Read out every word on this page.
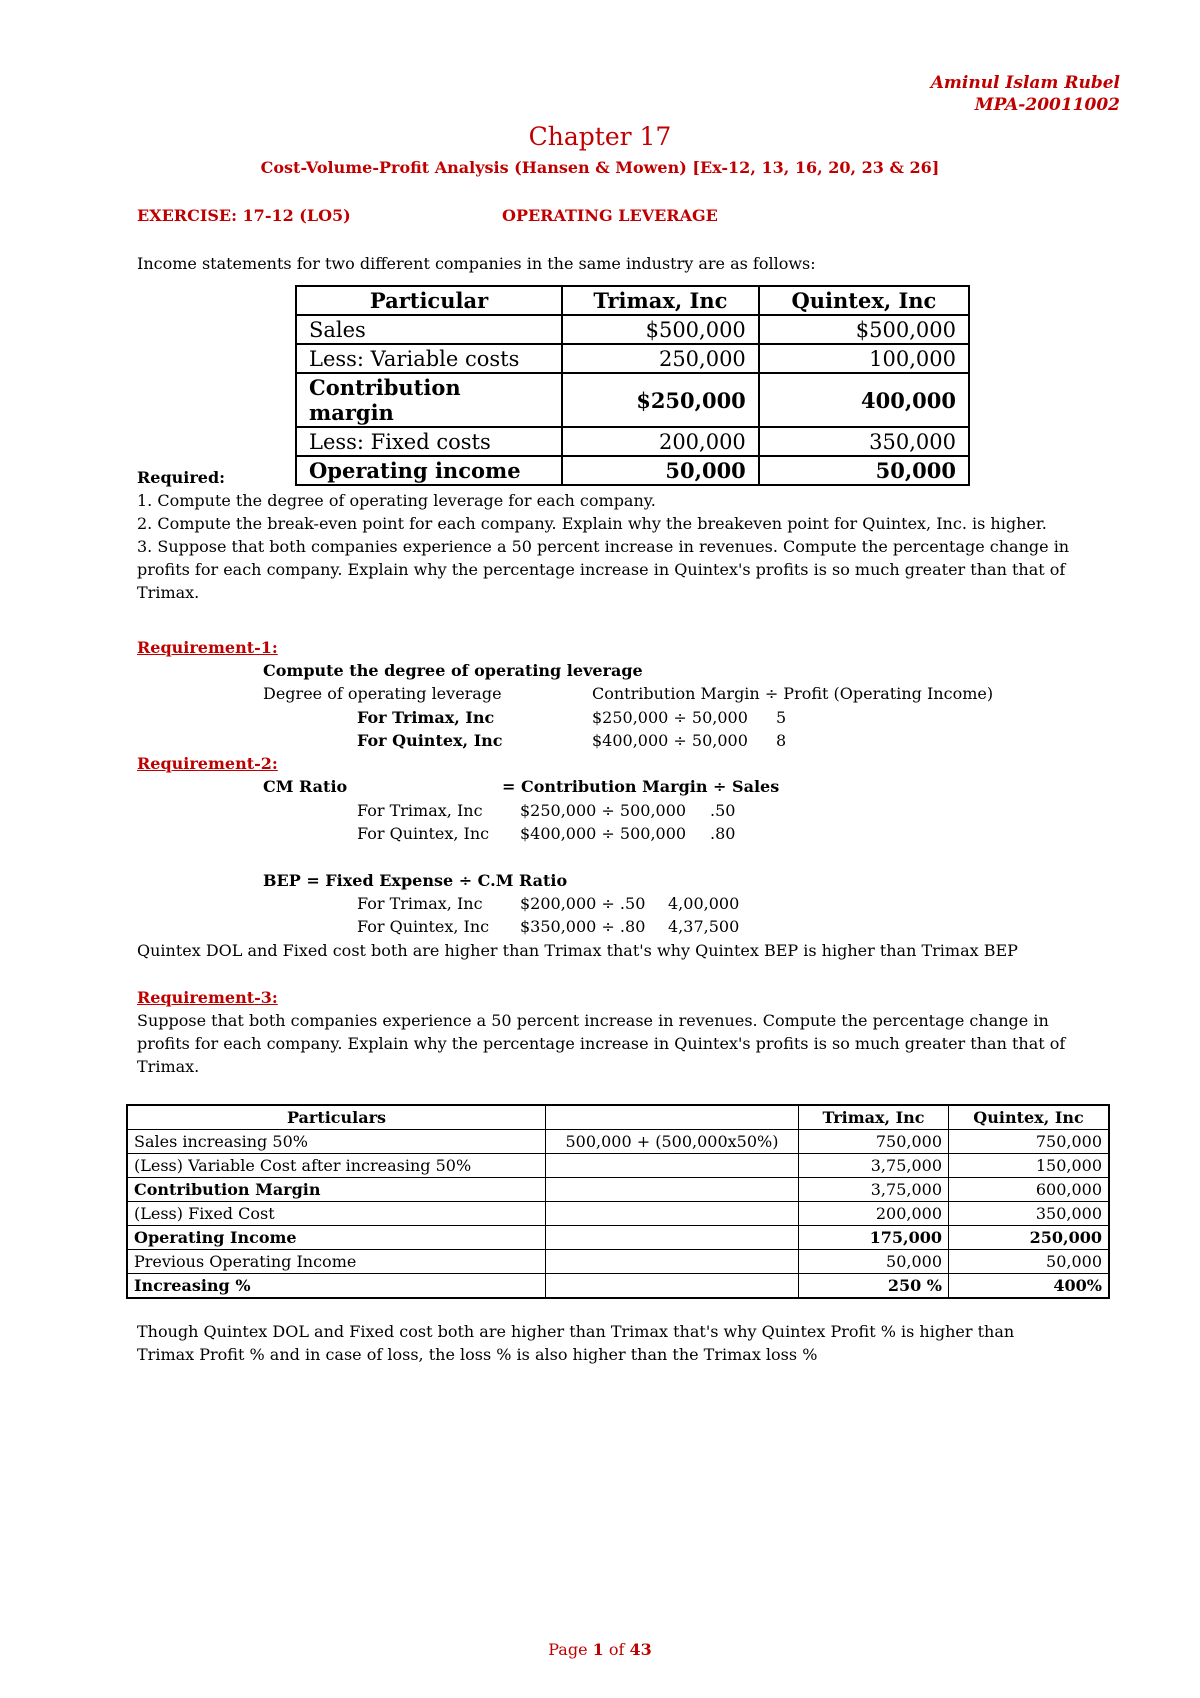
Aminul Islam Rubel
MPA-20011002
Chapter 17
Cost-Volume-Profit Analysis (Hansen & Mowen) [Ex-12, 13, 16, 20, 23 & 26]
EXERCISE: 17-12 (LO5)	OPERATING LEVERAGE
Income statements for two different companies in the same industry are as follows:
Particular	Trimax, Inc	Quintex, Inc
Sales	$500,000	$500,000
Less: Variable costs	250,000	100,000
Contribution margin	$250,000	400,000
Less: Fixed costs	200,000	350,000
Operating income	50,000	50,000
Required:
1. Compute the degree of operating leverage for each company.
2. Compute the break-even point for each company. Explain why the breakeven point for Quintex, Inc. is higher.
3. Suppose that both companies experience a 50 percent increase in revenues. Compute the percentage change in
profits for each company. Explain why the percentage increase in Quintex's profits is so much greater than that of
Trimax.
Requirement-1:
Compute the degree of operating leverage
Degree of operating leverage	Contribution Margin ÷ Profit (Operating Income)
For Trimax, Inc	$250,000 ÷ 50,000 5
For Quintex, Inc	$400,000 ÷ 50,000 8
Requirement-2:
CM Ratio	= Contribution Margin ÷ Sales
For Trimax, Inc $250,000 ÷ 500,000 .50
For Quintex, Inc $400,000 ÷ 500,000 .80
BEP = Fixed Expense ÷ C.M Ratio
For Trimax, Inc $200,000 ÷ .50 4,00,000
For Quintex, Inc $350,000 ÷ .80 4,37,500
Quintex DOL and Fixed cost both are higher than Trimax that's why Quintex BEP is higher than Trimax BEP
Requirement-3:
Suppose that both companies experience a 50 percent increase in revenues. Compute the percentage change in
profits for each company. Explain why the percentage increase in Quintex's profits is so much greater than that of
Trimax.
Particulars		Trimax, Inc	Quintex, Inc
Sales increasing 50%	500,000 + (500,000x50%)	750,000	750,000
(Less) Variable Cost after increasing 50%		3,75,000	150,000
Contribution Margin		3,75,000	600,000
(Less) Fixed Cost		200,000	350,000
Operating Income		175,000	250,000
Previous Operating Income		50,000	50,000
Increasing %		250 %	400%
Though Quintex DOL and Fixed cost both are higher than Trimax that's why Quintex Profit % is higher than
Trimax Profit % and in case of loss, the loss % is also higher than the Trimax loss %
Page 1 of 43
